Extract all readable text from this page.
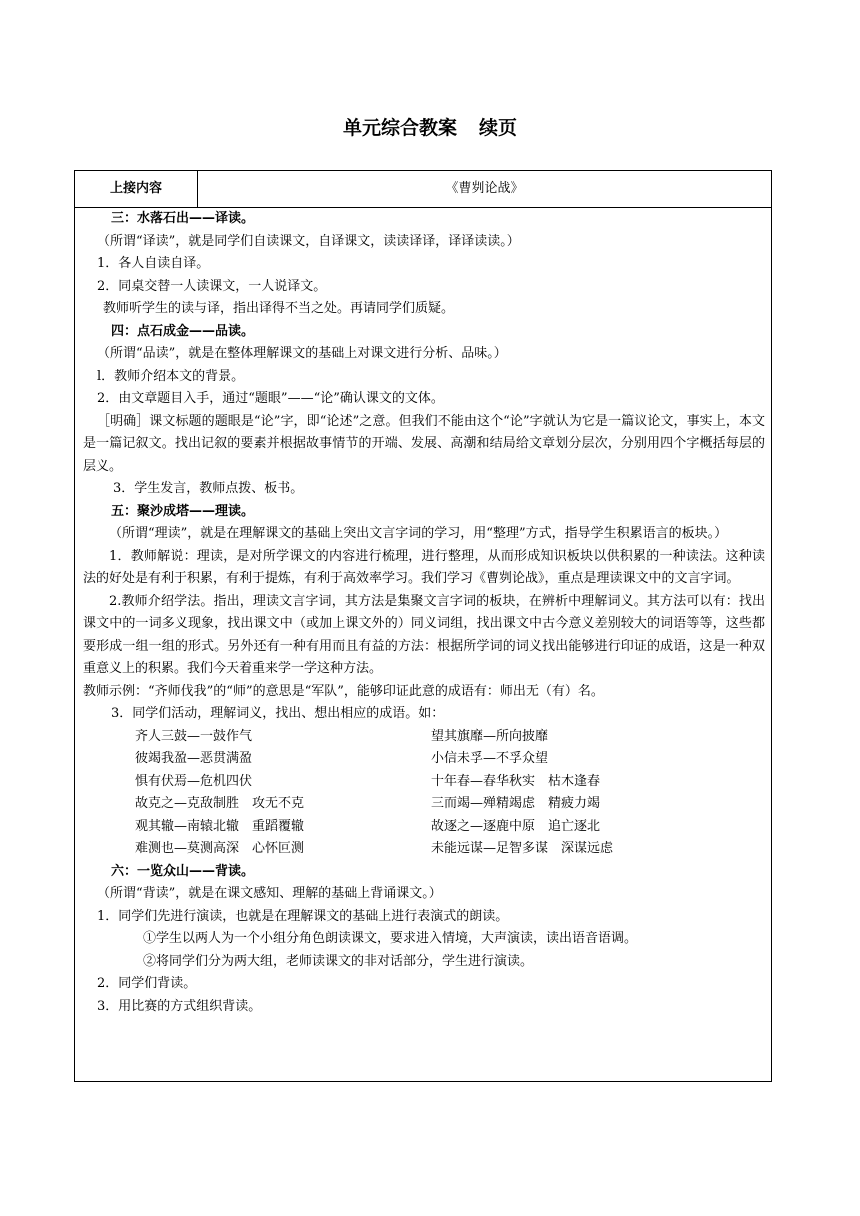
单元综合教案 续页
上接内容	《曹刿论战》
三：水落石出——译读。
（所谓“译读”，就是同学们自读课文，自译课文，读读译译，译译读读。）
1．各人自读自译。
2．同桌交替一人读课文，一人说译文。
教师听学生的读与译，指出译得不当之处。再请同学们质疑。
四：点石成金——品读。
（所谓“品读”，就是在整体理解课文的基础上对课文进行分析、品味。）
l．教师介绍本文的背景。
2．由文章题目入手，通过“题眼”——“论”确认课文的文体。
［明确］课文标题的题眼是“论”字，即“论述”之意。但我们不能由这个“论”字就认为它是一篇议论文，事实上，本文是一篇记叙文。找出记叙的要素并根据故事情节的开端、发展、高潮和结局给文章划分层次，分别用四个字概括每层的层义。
3．学生发言，教师点拨、板书。
五：聚沙成塔——理读。
（所谓“理读”，就是在理解课文的基础上突出文言字词的学习，用“整理”方式，指导学生积累语言的板块。）
1．教师解说：理读，是对所学课文的内容进行梳理，进行整理，从而形成知识板块以供积累的一种读法。这种读法的好处是有利于积累，有利于提炼，有利于高效率学习。我们学习《曹刿论战》，重点是理读课文中的文言字词。
2.教师介绍学法。指出，理读文言字词，其方法是集聚文言字词的板块，在辨析中理解词义。其方法可以有：找出课文中的一词多义现象，找出课文中（或加上课文外的）同义词组，找出课文中古今意义差别较大的词语等等，这些都要形成一组一组的形式。另外还有一种有用而且有益的方法：根据所学词的词义找出能够进行印证的成语，这是一种双重意义上的积累。我们今天着重来学一学这种方法。
教师示例：“齐师伐我”的“师”的意思是“军队”，能够印证此意的成语有：师出无（有）名。
3．同学们活动，理解词义，找出、想出相应的成语。如：
齐人三鼓—一鼓作气	望其旗靡—所向披靡
彼竭我盈—恶贯满盈	小信未孚—不孚众望
惧有伏焉—危机四伏	十年春—春华秋实　枯木逢春
故克之—克敌制胜　攻无不克	三而竭—殚精竭虑　精疲力竭
观其辙—南辕北辙　重蹈覆辙	故逐之—逐鹿中原　追亡逐北
难测也—莫测高深　心怀叵测	未能远谋—足智多谋　深谋远虑
六：一览众山——背读。
（所谓“背读”，就是在课文感知、理解的基础上背诵课文。）
1．同学们先进行演读，也就是在理解课文的基础上进行表演式的朗读。
①学生以两人为一个小组分角色朗读课文，要求进入情境，大声演读，读出语音语调。
②将同学们分为两大组，老师读课文的非对话部分，学生进行演读。
2．同学们背读。
3．用比赛的方式组织背读。
